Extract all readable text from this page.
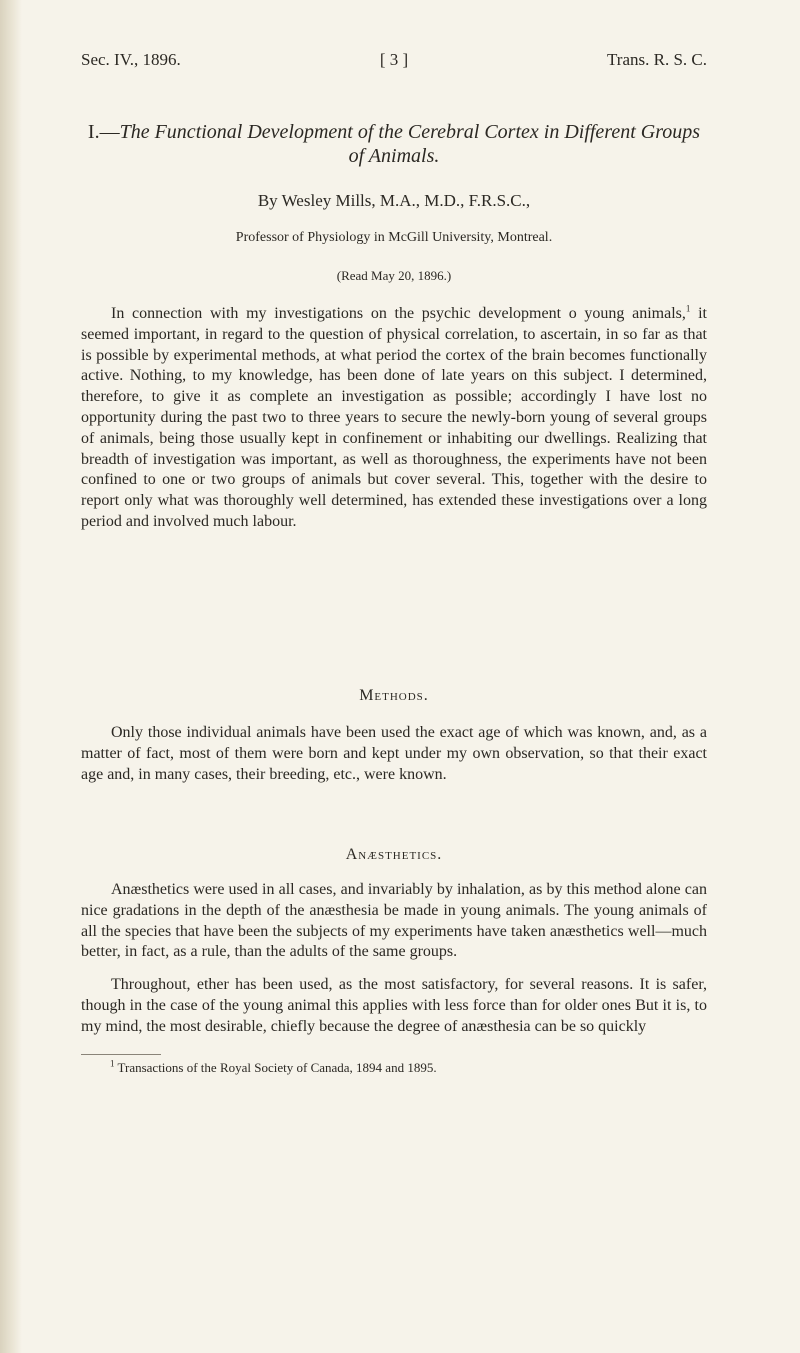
Sec. IV., 1896.	[ 3 ]	Trans. R. S. C.
I.—The Functional Development of the Cerebral Cortex in Different Groups of Animals.
By Wesley Mills, M.A., M.D., F.R.S.C.,
Professor of Physiology in McGill University, Montreal.
(Read May 20, 1896.)

In connection with my investigations on the psychic development o young animals,$^1$ it seemed important, in regard to the question of physical correlation, to ascertain, in so far as that is possible by experimental methods, at what period the cortex of the brain becomes functionally active. Nothing, to my knowledge, has been done of late years on this subject. I determined, therefore, to give it as complete an investigation as possible; accordingly I have lost no opportunity during the past two to three years to secure the newly-born young of several groups of animals, being those usually kept in confinement or inhabiting our dwellings. Realizing that breadth of investigation was important, as well as thoroughness, the experiments have not been confined to one or two groups of animals but cover several. This, together with the desire to report only what was thoroughly well determined, has extended these investigations over a long period and involved much labour.

Methods.

Only those individual animals have been used the exact age of which was known, and, as a matter of fact, most of them were born and kept under my own observation, so that their exact age and, in many cases, their breeding, etc., were known.

Anæsthetics.

Anæsthetics were used in all cases, and invariably by inhalation, as by this method alone can nice gradations in the depth of the anæsthesia be made in young animals. The young animals of all the species that have been the subjects of my experiments have taken anæsthetics well—much better, in fact, as a rule, than the adults of the same groups.

Throughout, ether has been used, as the most satisfactory, for several reasons. It is safer, though in the case of the young animal this applies with less force than for older ones But it is, to my mind, the most desirable, chiefly because the degree of anæsthesia can be so quickly

$^1$ Transactions of the Royal Society of Canada, 1894 and 1895.
